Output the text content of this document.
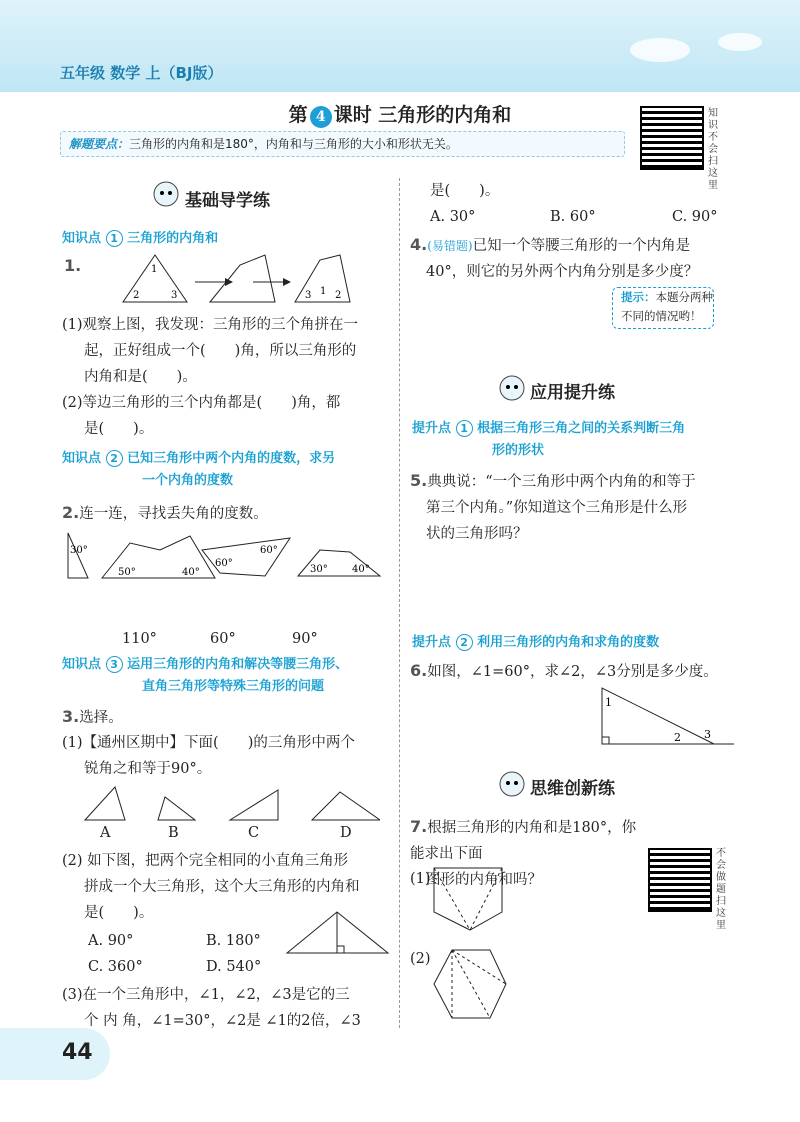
五年级 数学 上（BJ版）
第 4 课时 三角形的内角和
解题要点：三角形的内角和是180°，内角和与三角形的大小和形状无关。
知识不会扫这里
不会做题扫这里
基础导学练
知识点 1 三角形的内角和
1.	1
2	3	3 1 2
(1)观察上图，我发现：三角形的三个角拼在一
起，正好组成一个(　　)角，所以三角形的
内角和是(　　)。
(2)等边三角形的三个内角都是(　　)角，都
是(　　)。
知识点 2 已知三角形中两个内角的度数，求另
一个内角的度数
2.连一连，寻找丢失角的度数。
30°
50°	40°
60°
60°
30° 40°
110°	60°	90°
知识点 3 运用三角形的内角和解决等腰三角形、
直角三角形等特殊三角形的问题
3.选择。
(1)【通州区期中】下面(　　)的三角形中两个
锐角之和等于90°。
A	B	C	D
(2) 如下图，把两个完全相同的小直角三角形
拼成一个大三角形，这个大三角形的内角和
是(　　)。
A. 90°	B. 180°
C. 360°	D. 540°
(3)在一个三角形中，∠1，∠2，∠3是它的三
个 内 角，∠1=30°，∠2是 ∠1的2倍，∠3
是(　　)。
A. 30°	B. 60°	C. 90°
4.(易错题)已知一个等腰三角形的一个内角是
40°，则它的另外两个内角分别是多少度？
提示：本题分两种
不同的情况哟！
应用提升练
提升点 1 根据三角形三角之间的关系判断三角
形的形状
5.典典说：“一个三角形中两个内角的和等于
第三个内角。”你知道这个三角形是什么形
状的三角形吗？
提升点 2 利用三角形的内角和求角的度数
6.如图，∠1=60°，求∠2，∠3分别是多少度。
1
2 3
思维创新练
7.根据三角形的内角和是180°，你能求出下面
图形的内角和吗？
(1)
(2)
44
